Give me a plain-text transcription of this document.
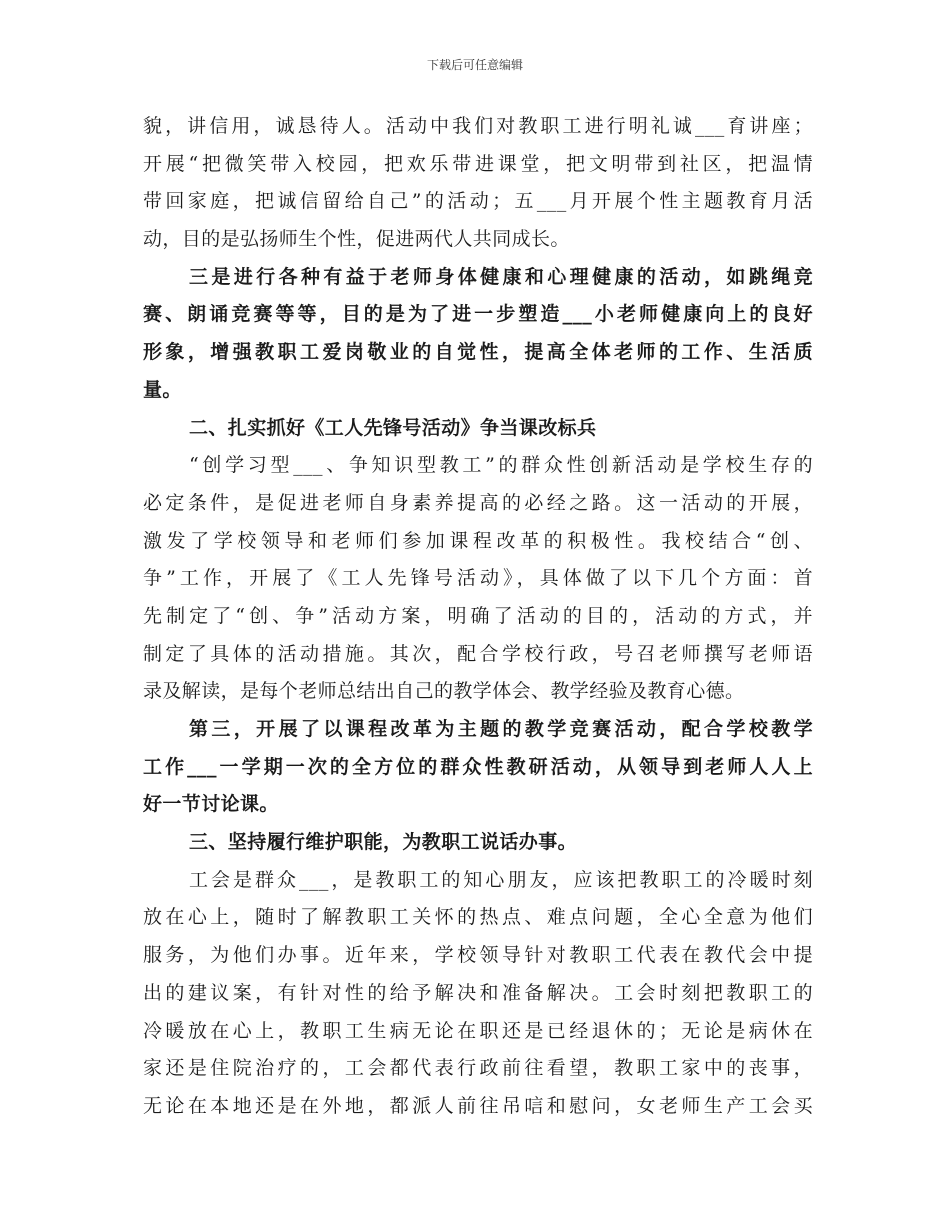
下载后可任意编辑
貌，讲信用，诚恳待人。活动中我们对教职工进行明礼诚___育讲座；
开展“把微笑带入校园，把欢乐带进课堂，把文明带到社区，把温情
带回家庭，把诚信留给自己”的活动；五___月开展个性主题教育月活
动，目的是弘扬师生个性，促进两代人共同成长。
三是进行各种有益于老师身体健康和心理健康的活动，如跳绳竞
赛、朗诵竞赛等等，目的是为了进一步塑造___小老师健康向上的良好
形象，增强教职工爱岗敬业的自觉性，提高全体老师的工作、生活质
量。
二、扎实抓好《工人先锋号活动》争当课改标兵
“创学习型___、争知识型教工”的群众性创新活动是学校生存的
必定条件，是促进老师自身素养提高的必经之路。这一活动的开展，
激发了学校领导和老师们参加课程改革的积极性。我校结合“创、
争”工作，开展了《工人先锋号活动》，具体做了以下几个方面：首
先制定了“创、争”活动方案，明确了活动的目的，活动的方式，并
制定了具体的活动措施。其次，配合学校行政，号召老师撰写老师语
录及解读，是每个老师总结出自己的教学体会、教学经验及教育心德。
第三，开展了以课程改革为主题的教学竞赛活动，配合学校教学
工作___一学期一次的全方位的群众性教研活动，从领导到老师人人上
好一节讨论课。
三、坚持履行维护职能，为教职工说话办事。
工会是群众___，是教职工的知心朋友，应该把教职工的冷暖时刻
放在心上，随时了解教职工关怀的热点、难点问题，全心全意为他们
服务，为他们办事。近年来，学校领导针对教职工代表在教代会中提
出的建议案，有针对性的给予解决和准备解决。工会时刻把教职工的
冷暖放在心上，教职工生病无论在职还是已经退休的；无论是病休在
家还是住院治疗的，工会都代表行政前往看望，教职工家中的丧事，
无论在本地还是在外地，都派人前往吊唁和慰问，女老师生产工会买
